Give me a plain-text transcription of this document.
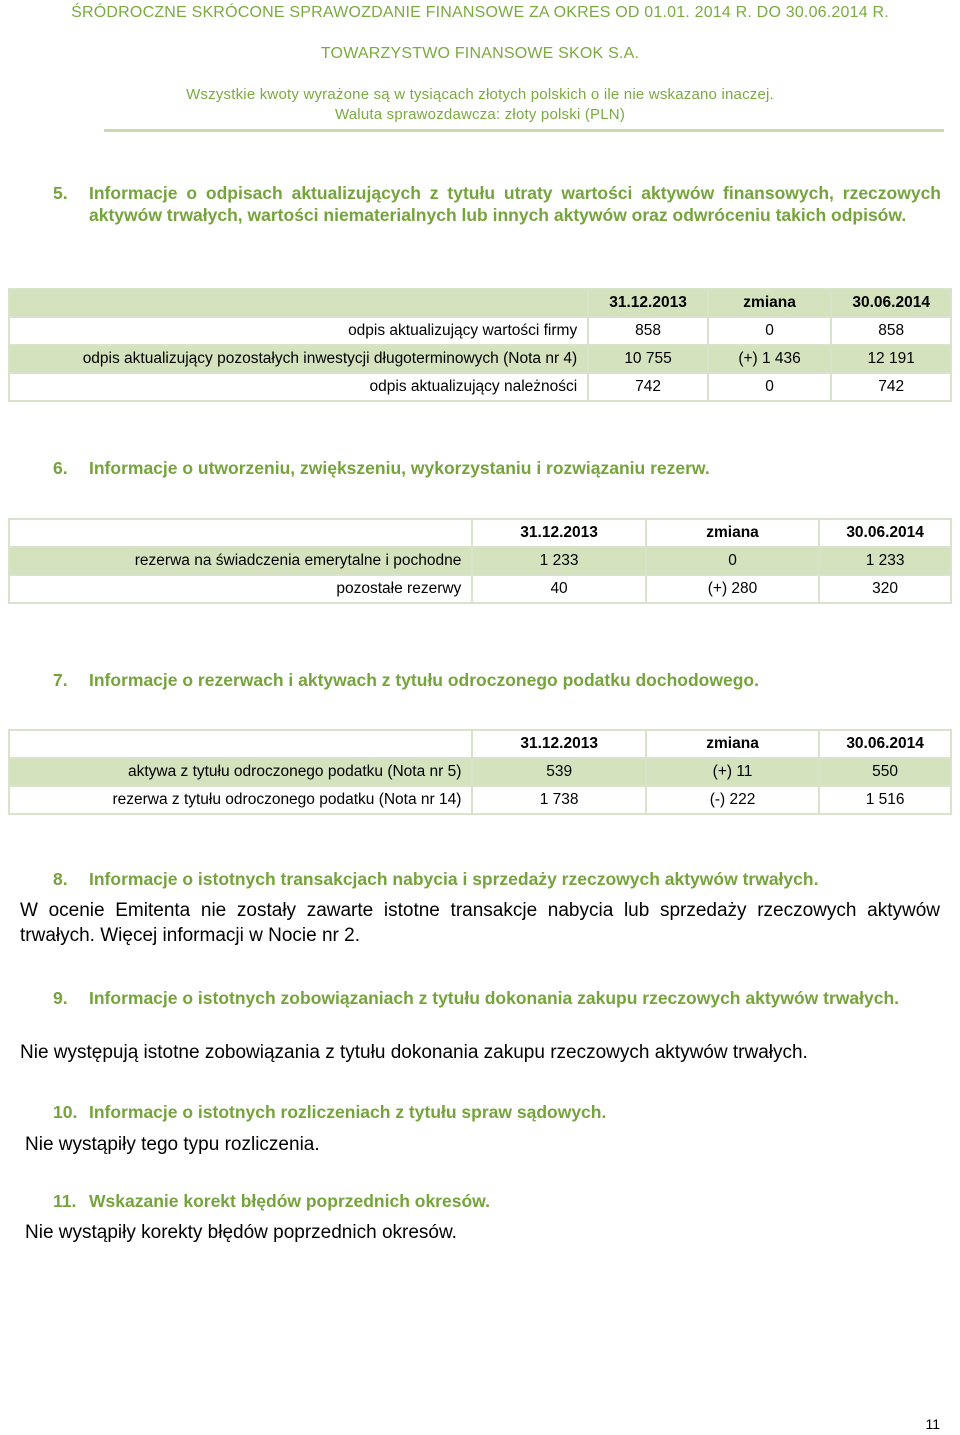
ŚRÓDROCZNE SKRÓCONE SPRAWOZDANIE FINANSOWE ZA OKRES OD 01.01. 2014 R. DO 30.06.2014 R.
TOWARZYSTWO FINANSOWE SKOK S.A.
Wszystkie kwoty wyrażone są w tysiącach złotych polskich o ile nie wskazano inaczej.
Waluta sprawozdawcza: złoty polski (PLN)
5. Informacje o odpisach aktualizujących z tytułu utraty wartości aktywów finansowych, rzeczowych aktywów trwałych, wartości niematerialnych lub innych aktywów oraz odwróceniu takich odpisów.
	31.12.2013	zmiana	30.06.2014
odpis aktualizujący wartości firmy	858	0	858
odpis aktualizujący pozostałych inwestycji długoterminowych (Nota nr 4)	10 755	(+) 1 436	12 191
odpis aktualizujący należności	742	0	742
6. Informacje o utworzeniu, zwiększeniu, wykorzystaniu i rozwiązaniu rezerw.
	31.12.2013	zmiana	30.06.2014
rezerwa na świadczenia emerytalne i pochodne	1 233	0	1 233
pozostałe rezerwy	40	(+) 280	320
7. Informacje o rezerwach i aktywach z tytułu odroczonego podatku dochodowego.
	31.12.2013	zmiana	30.06.2014
aktywa z tytułu odroczonego podatku (Nota nr 5)	539	(+) 11	550
rezerwa z tytułu odroczonego podatku (Nota nr 14)	1 738	(-) 222	1 516
8. Informacje o istotnych transakcjach nabycia i sprzedaży rzeczowych aktywów trwałych.
W ocenie Emitenta nie zostały zawarte istotne transakcje nabycia lub sprzedaży rzeczowych aktywów trwałych. Więcej informacji w Nocie nr 2.
9. Informacje o istotnych zobowiązaniach z tytułu dokonania zakupu rzeczowych aktywów trwałych.
Nie występują istotne zobowiązania z tytułu dokonania zakupu rzeczowych aktywów trwałych.
10. Informacje o istotnych rozliczeniach z tytułu spraw sądowych.
Nie wystąpiły tego typu rozliczenia.
11. Wskazanie korekt błędów poprzednich okresów.
Nie wystąpiły korekty błędów poprzednich okresów.
11
